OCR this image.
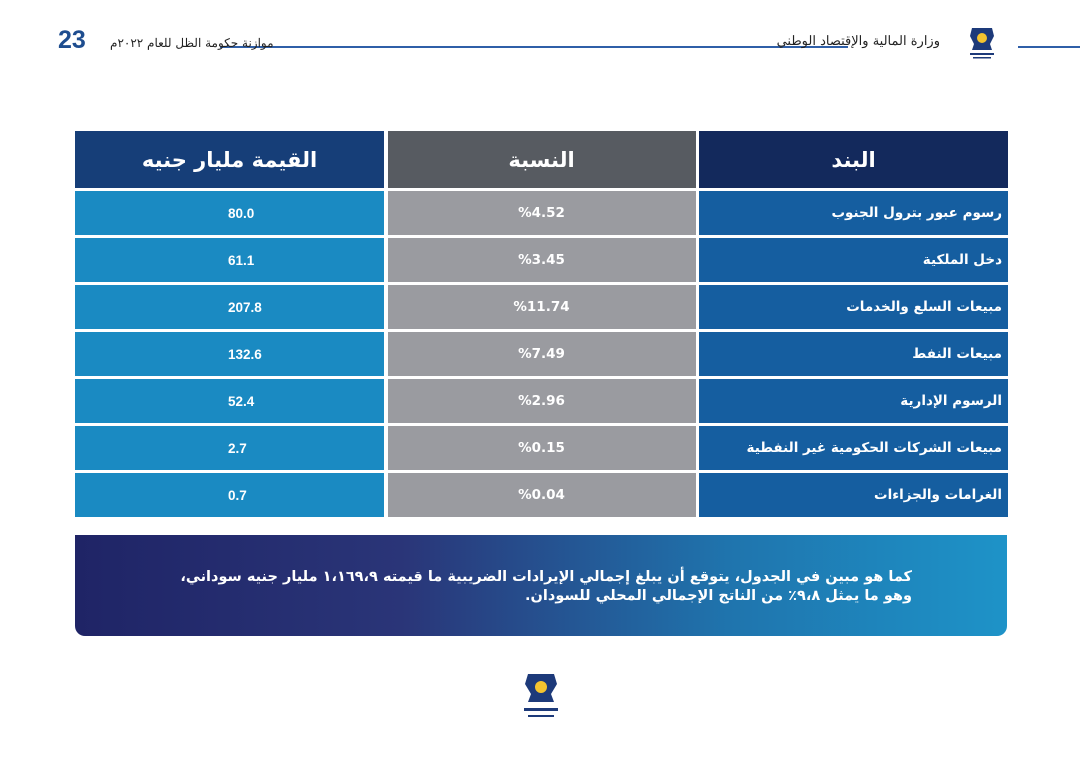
23 موازنة حكومة الظل للعام ٢٠٢٢م	وزارة المالية والإقتصاد الوطني
البند
النسبة
القيمة مليار جنيه
رسوم عبور بترول الجنوب
%4.52
80.0
دخل الملكية
%3.45
61.1
مبيعات السلع والخدمات
%11.74
207.8
مبيعات النفط
%7.49
132.6
الرسوم الإدارية
%2.96
52.4
مبيعات الشركات الحكومية غير النفطية
%0.15
2.7
الغرامات والجزاءات
%0.04
0.7
كما هو مبين في الجدول، يتوقع أن يبلغ إجمالي الإيرادات الضريبية ما قيمته ١،١٦٩،٩ مليار جنيه سوداني،
وهو ما يمثل ٩،٨٪ من الناتج الإجمالي المحلي للسودان.
